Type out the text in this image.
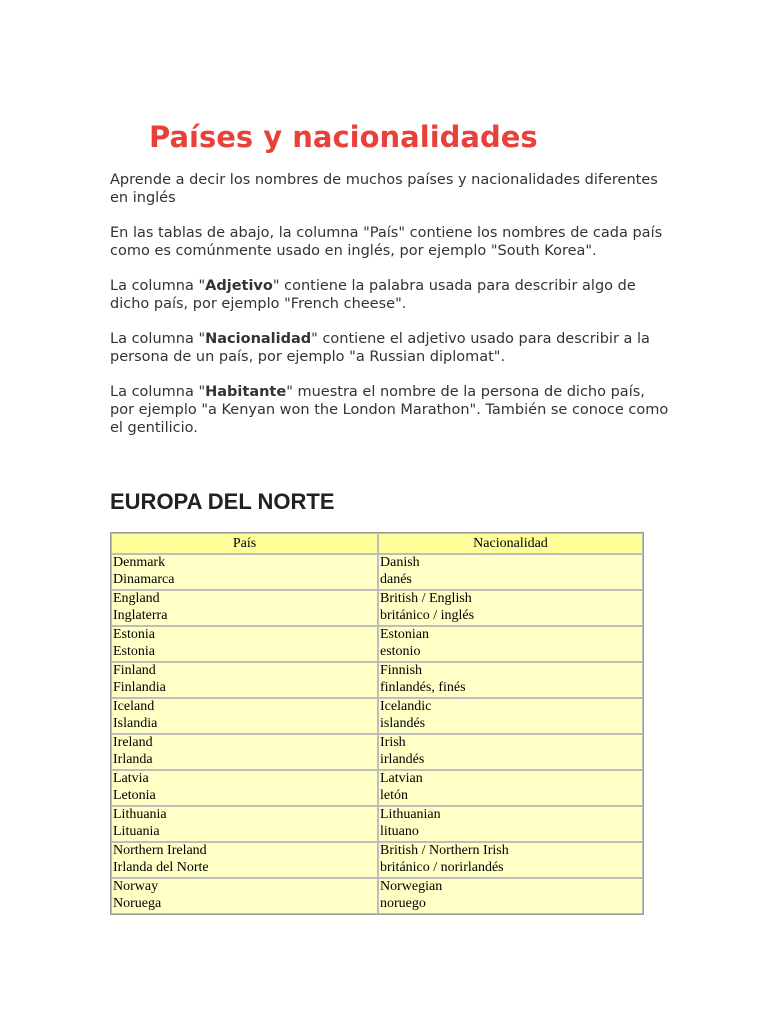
Países y nacionalidades

Aprende a decir los nombres de muchos países y nacionalidades diferentes en inglés

En las tablas de abajo, la columna "País" contiene los nombres de cada país como es comúnmente usado en inglés, por ejemplo "South Korea".

La columna "Adjetivo" contiene la palabra usada para describir algo de dicho país, por ejemplo "French cheese".

La columna "Nacionalidad" contiene el adjetivo usado para describir a la persona de un país, por ejemplo "a Russian diplomat".

La columna "Habitante" muestra el nombre de la persona de dicho país, por ejemplo "a Kenyan won the London Marathon". También se conoce como el gentilicio.

EUROPA DEL NORTE
País	Nacionalidad

Denmark
Dinamarca	Danish
danés

England
Inglaterra	British / English
británico / inglés

Estonia
Estonia	Estonian
estonio

Finland
Finlandia	Finnish
finlandés, finés

Iceland
Islandia	Icelandic
islandés

Ireland
Irlanda	Irish
irlandés

Latvia
Letonia	Latvian
letón

Lithuania
Lituania	Lithuanian
lituano

Northern Ireland
Irlanda del Norte	British / Northern Irish
británico / norirlandés

Norway
Noruega	Norwegian
noruego
